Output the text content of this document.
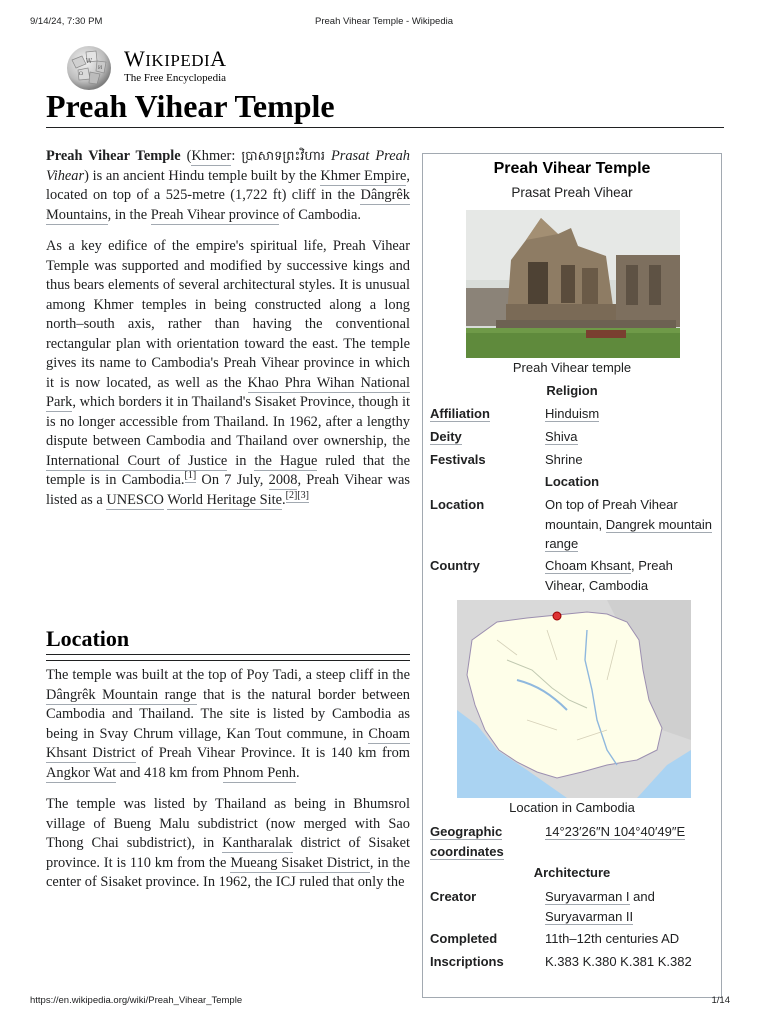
9/14/24, 7:30 PM	Preah Vihear Temple - Wikipedia
W
Ω
И WIKIPEDIA
The Free Encyclopedia
Preah Vihear Temple

Preah Vihear Temple (Khmer: ប្រាសាទព្រះវិហារ Prasat Preah Vihear) is an ancient Hindu temple built by the Khmer Empire, located on top of a 525-metre (1,722 ft) cliff in the Dângrêk Mountains, in the Preah Vihear province of Cambodia.

As a key edifice of the empire's spiritual life, Preah Vihear Temple was supported and modified by successive kings and thus bears elements of several architectural styles. It is unusual among Khmer temples in being constructed along a long north–south axis, rather than having the conventional rectangular plan with orientation toward the east. The temple gives its name to Cambodia's Preah Vihear province in which it is now located, as well as the Khao Phra Wihan National Park, which borders it in Thailand's Sisaket Province, though it is no longer accessible from Thailand. In 1962, after a lengthy dispute between Cambodia and Thailand over ownership, the International Court of Justice in the Hague ruled that the temple is in Cambodia.[1] On 7 July, 2008, Preah Vihear was listed as a UNESCO World Heritage Site.[2][3]

Location

The temple was built at the top of Poy Tadi, a steep cliff in the Dângrêk Mountain range that is the natural border between Cambodia and Thailand. The site is listed by Cambodia as being in Svay Chrum village, Kan Tout commune, in Choam Khsant District of Preah Vihear Province. It is 140 km from Angkor Wat and 418 km from Phnom Penh.

The temple was listed by Thailand as being in Bhumsrol village of Bueng Malu subdistrict (now merged with Sao Thong Chai subdistrict), in Kantharalak district of Sisaket province. It is 110 km from the Mueang Sisaket District, in the center of Sisaket province. In 1962, the ICJ ruled that only the

Preah Vihear Temple
Prasat Preah Vihear
Preah Vihear temple
Religion
Affiliation	Hinduism
Deity	Shiva
Festivals	Shrine
Location
Location	On top of Preah Vihear mountain, Dangrek mountain range
Country	Choam Khsant, Preah Vihear, Cambodia
Location in Cambodia
Geographic coordinates
14°23′26″N 104°40′49″E
Architecture
Creator	Suryavarman I and Suryavarman II
Completed	11th–12th centuries AD
Inscriptions	K.383 K.380 K.381 K.382
https://en.wikipedia.org/wiki/Preah_Vihear_Temple	1/14
